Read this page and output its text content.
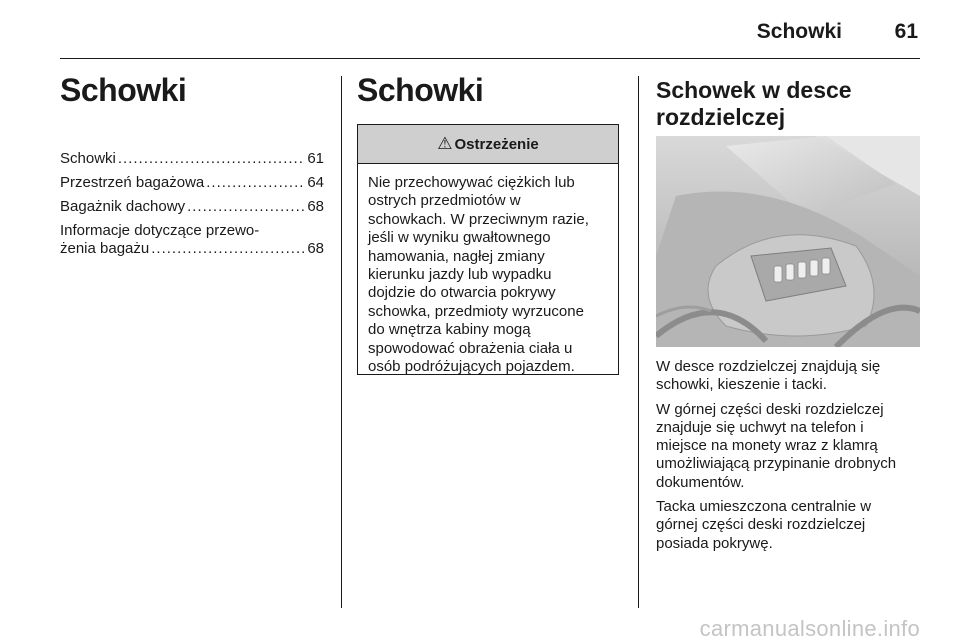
Schowki	61
Schowki
Schowki .....	61
Przestrzeń bagażowa .....	64
Bagażnik dachowy .....	68
Informacje dotyczące przewo-
żenia bagażu .....	68
Schowki
⚠ Ostrzeżenie
Nie przechowywać ciężkich lub
ostrych przedmiotów w
schowkach. W przeciwnym razie,
jeśli w wyniku gwałtownego
hamowania, nagłej zmiany
kierunku jazdy lub wypadku
dojdzie do otwarcia pokrywy
schowka, przedmioty wyrzucone
do wnętrza kabiny mogą
spowodować obrażenia ciała u
osób podróżujących pojazdem.
Schowek w desce
rozdzielczej

W desce rozdzielczej znajdują się
schowki, kieszenie i tacki.

W górnej części deski rozdzielczej
znajduje się uchwyt na telefon i
miejsce na monety wraz z klamrą
umożliwiającą przypinanie drobnych
dokumentów.

Tacka umieszczona centralnie w
górnej części deski rozdzielczej
posiada pokrywę.

carmanualsonline.info
